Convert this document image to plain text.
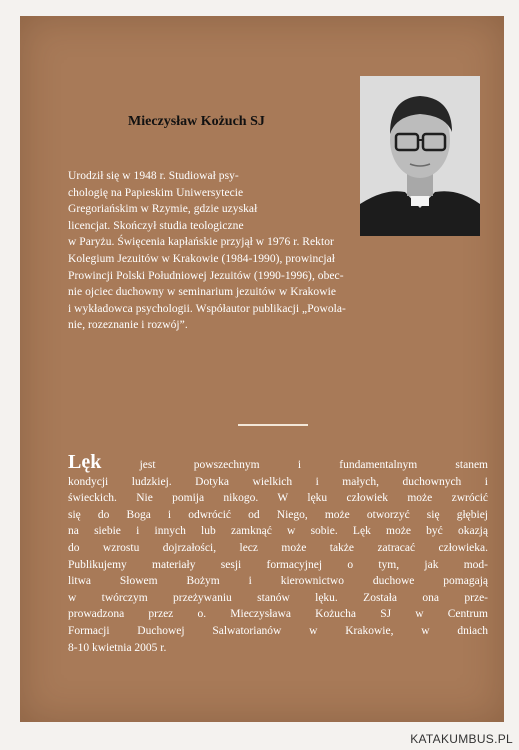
Mieczysław Kożuch SJ
Urodził się w 1948 r. Studiował psy-
chologię na Papieskim Uniwersytecie
Gregoriańskim w Rzymie, gdzie uzyskał
licencjat. Skończył studia teologiczne
w Paryżu. Święcenia kapłańskie przyjął w 1976 r. Rektor
Kolegium Jezuitów w Krakowie (1984-1990), prowincjał
Prowincji Polski Południowej Jezuitów (1990-1996), obec-
nie ojciec duchowny w seminarium jezuitów w Krakowie
i wykładowca psychologii. Współautor publikacji „Powola-
nie, rozeznanie i rozwój”.
Lęk jest powszechnym i fundamentalnym stanem
kondycji ludzkiej. Dotyka wielkich i małych, duchownych i
świeckich. Nie pomija nikogo. W lęku człowiek może zwrócić
się do Boga i odwrócić od Niego, może otworzyć się głębiej
na siebie i innych lub zamknąć w sobie. Lęk może być okazją
do wzrostu dojrzałości, lecz może także zatracać człowieka.
Publikujemy materiały sesji formacyjnej o tym, jak mod-
litwa Słowem Bożym i kierownictwo duchowe pomagają
w twórczym przeżywaniu stanów lęku. Została ona prze-
prowadzona przez o. Mieczysława Kożucha SJ w Centrum
Formacji Duchowej Salwatorianów w Krakowie, w dniach
8-10 kwietnia 2005 r.
KATAKUMBUS.PL
